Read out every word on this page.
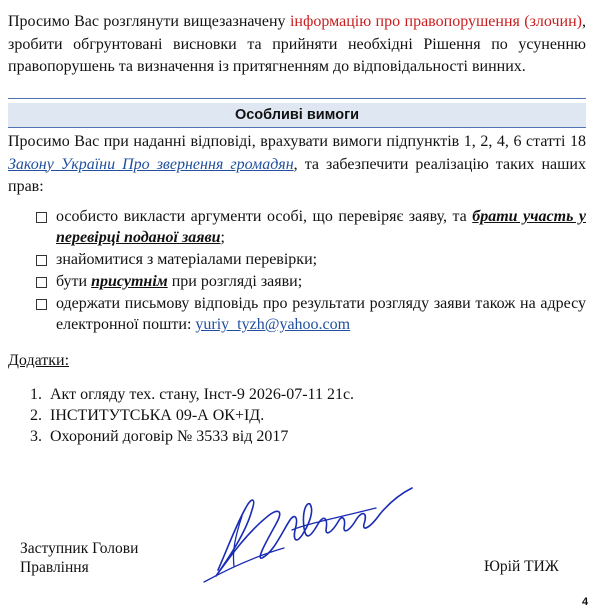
Просимо Вас розглянути вищезазначену інформацію про правопорушення (злочин), зробити обгрунтовані висновки та прийняти необхідні Рішення по усуненню правопорушень та визначення із притягненням до відповідальності винних.
Особливі вимоги
Просимо Вас при наданні відповіді, врахувати вимоги підпунктів 1, 2, 4, 6 статті 18 Закону України Про звернення громадян, та забезпечити реалізацію таких наших прав:
особисто викласти аргументи особі, що перевіряє заяву, та брати участь у перевірці поданої заяви;
знайомитися з матеріалами перевірки;
бути присутнім при розгляді заяви;
одержати письмову відповідь про результати розгляду заяви також на адресу електронної пошти: yuriy_tyzh@yahoo.com
Додатки:
1. Акт огляду тех. стану, Інст-9 2026-07-11 21с.
2. ІНСТИТУТСЬКА 09-А ОК+ІД.
3. Охороний договір № 3533 від 2017
Заступник Голови
Правління	Юрій ТИЖ
4
